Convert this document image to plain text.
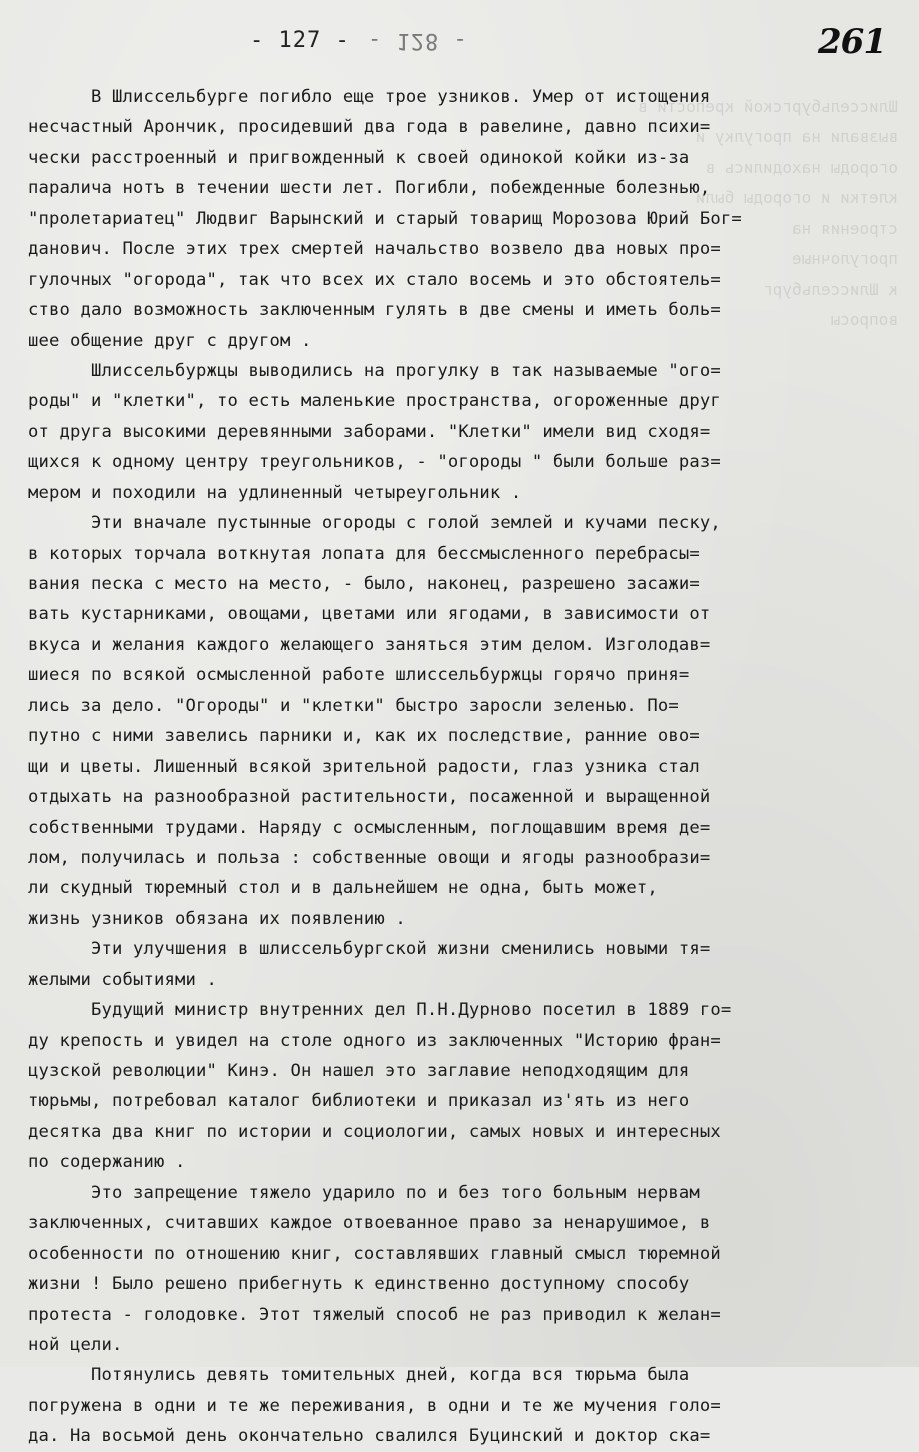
Шлиссельбургской крепости в
вызвали на прогулку и
огороды находились в
клетки и огороды были
строения на
прогулочные
к Шлиссельбург
вопросы

- 127 - - 128 -	261
В Шлиссельбурге погибло еще трое узников. Умер от истощения
несчастный Арончик, просидевший два года в равелине, давно психи=
чески расстроенный и пригвожденный к своей одинокой койки из-за
паралича нотъ в течении шести лет. Погибли, побежденные болезнью,
"пролетариатец" Людвиг Варынский и старый товарищ Морозова Юрий Бог=
данович. После этих трех смертей начальство возвело два новых про=
гулочных "огорода", так что всех их стало восемь и это обстоятель=
ство дало возможность заключенным гулять в две смены и иметь боль=
шее общение друг с другом .
Шлиссельбуржцы выводились на прогулку в так называемые "ого=
роды" и "клетки", то есть маленькие пространства, огороженные друг
от друга высокими деревянными заборами. "Клетки" имели вид сходя=
щихся к одному центру треугольников, - "огороды " были больше раз=
мером и походили на удлиненный четыреугольник .
Эти вначале пустынные огороды с голой землей и кучами песку,
в которых торчала воткнутая лопата для бессмысленного перебрасы=
вания песка с место на место, - было, наконец, разрешено засажи=
вать кустарниками, овощами, цветами или ягодами, в зависимости от
вкуса и желания каждого желающего заняться этим делом. Изголодав=
шиеся по всякой осмысленной работе шлиссельбуржцы горячо приня=
лись за дело. "Огороды" и "клетки" быстро заросли зеленью. По=
путно с ними завелись парники и, как их последствие, ранние ово=
щи и цветы. Лишенный всякой зрительной радости, глаз узника стал
отдыхать на разнообразной растительности, посаженной и выращенной
собственными трудами. Наряду с осмысленным, поглощавшим время де=
лом, получилась и польза : собственные овощи и ягоды разнообрази=
ли скудный тюремный стол и в дальнейшем не одна, быть может,
жизнь узников обязана их появлению .
Эти улучшения в шлиссельбургской жизни сменились новыми тя=
желыми событиями .
Будущий министр внутренних дел П.Н.Дурново посетил в 1889 го=
ду крепость и увидел на столе одного из заключенных "Историю фран=
цузской революции" Кинэ. Он нашел это заглавие неподходящим для
тюрьмы, потребовал каталог библиотеки и приказал из'ять из него
десятка два книг по истории и социологии, самых новых и интересных
по содержанию .
Это запрещение тяжело ударило по и без того больным нервам
заключенных, считавших каждое отвоеванное право за ненарушимое, в
особенности по отношению книг, составлявших главный смысл тюремной
жизни ! Было решено прибегнуть к единственно доступному способу
протеста - голодовке. Этот тяжелый способ не раз приводил к желан=
ной цели.
Потянулись девять томительных дней, когда вся тюрьма была
погружена в одни и те же переживания, в одни и те же мучения голо=
да. На восьмой день окончательно свалился Буцинский и доктор ска=
